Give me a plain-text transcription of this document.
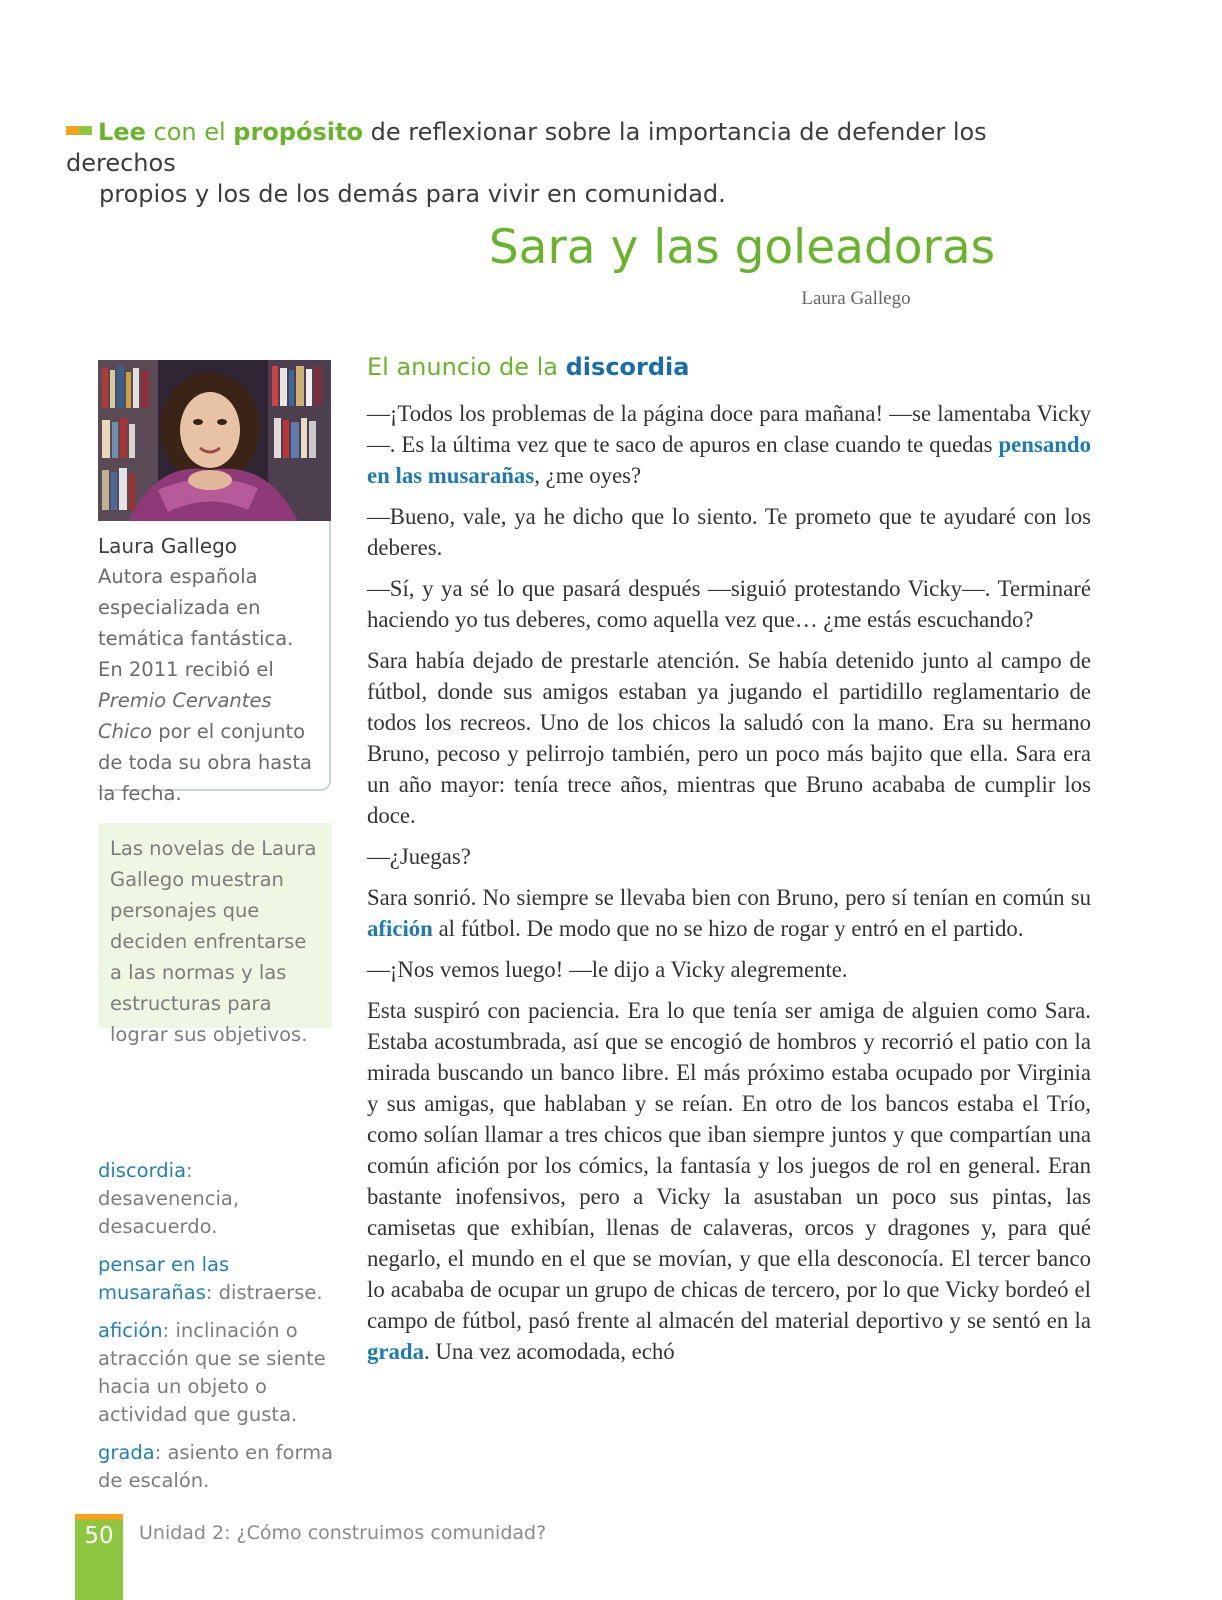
Lee con el propósito de reflexionar sobre la importancia de defender los derechos
propios y los de los demás para vivir en comunidad.
Sara y las goleadoras
Laura Gallego
Laura Gallego
Autora española especializada en temática fantástica. En 2011 recibió el Premio Cervantes Chico por el conjunto de toda su obra hasta la fecha.
Las novelas de Laura Gallego muestran personajes que deciden enfrentarse a las normas y las estructuras para lograr sus objetivos.
discordia: desavenencia, desacuerdo.
pensar en las musarañas: distraerse.
afición: inclinación o atracción que se siente hacia un objeto o actividad que gusta.
grada: asiento en forma de escalón.
El anuncio de la discordia

—¡Todos los problemas de la página doce para mañana! —se lamentaba Vicky—. Es la última vez que te saco de apuros en clase cuando te quedas pensando en las musarañas, ¿me oyes?

—Bueno, vale, ya he dicho que lo siento. Te prometo que te ayudaré con los deberes.

—Sí, y ya sé lo que pasará después —siguió protestando Vicky—. Terminaré haciendo yo tus deberes, como aquella vez que… ¿me estás escuchando?

Sara había dejado de prestarle atención. Se había detenido junto al campo de fútbol, donde sus amigos estaban ya jugando el partidillo reglamentario de todos los recreos. Uno de los chicos la saludó con la mano. Era su hermano Bruno, pecoso y pelirrojo también, pero un poco más bajito que ella. Sara era un año mayor: tenía trece años, mientras que Bruno acababa de cumplir los doce.

—¿Juegas?

Sara sonrió. No siempre se llevaba bien con Bruno, pero sí tenían en común su afición al fútbol. De modo que no se hizo de rogar y entró en el partido.

—¡Nos vemos luego! —le dijo a Vicky alegremente.

Esta suspiró con paciencia. Era lo que tenía ser amiga de alguien como Sara. Estaba acostumbrada, así que se encogió de hombros y recorrió el patio con la mirada buscando un banco libre. El más próximo estaba ocupado por Virginia y sus amigas, que hablaban y se reían. En otro de los bancos estaba el Trío, como solían llamar a tres chicos que iban siempre juntos y que compartían una común afición por los cómics, la fantasía y los juegos de rol en general. Eran bastante inofensivos, pero a Vicky la asustaban un poco sus pintas, las camisetas que exhibían, llenas de calaveras, orcos y dragones y, para qué negarlo, el mundo en el que se movían, y que ella desconocía. El tercer banco lo acababa de ocupar un grupo de chicas de tercero, por lo que Vicky bordeó el campo de fútbol, pasó frente al almacén del material deportivo y se sentó en la grada. Una vez acomodada, echó

50	Unidad 2: ¿Cómo construimos comunidad?
